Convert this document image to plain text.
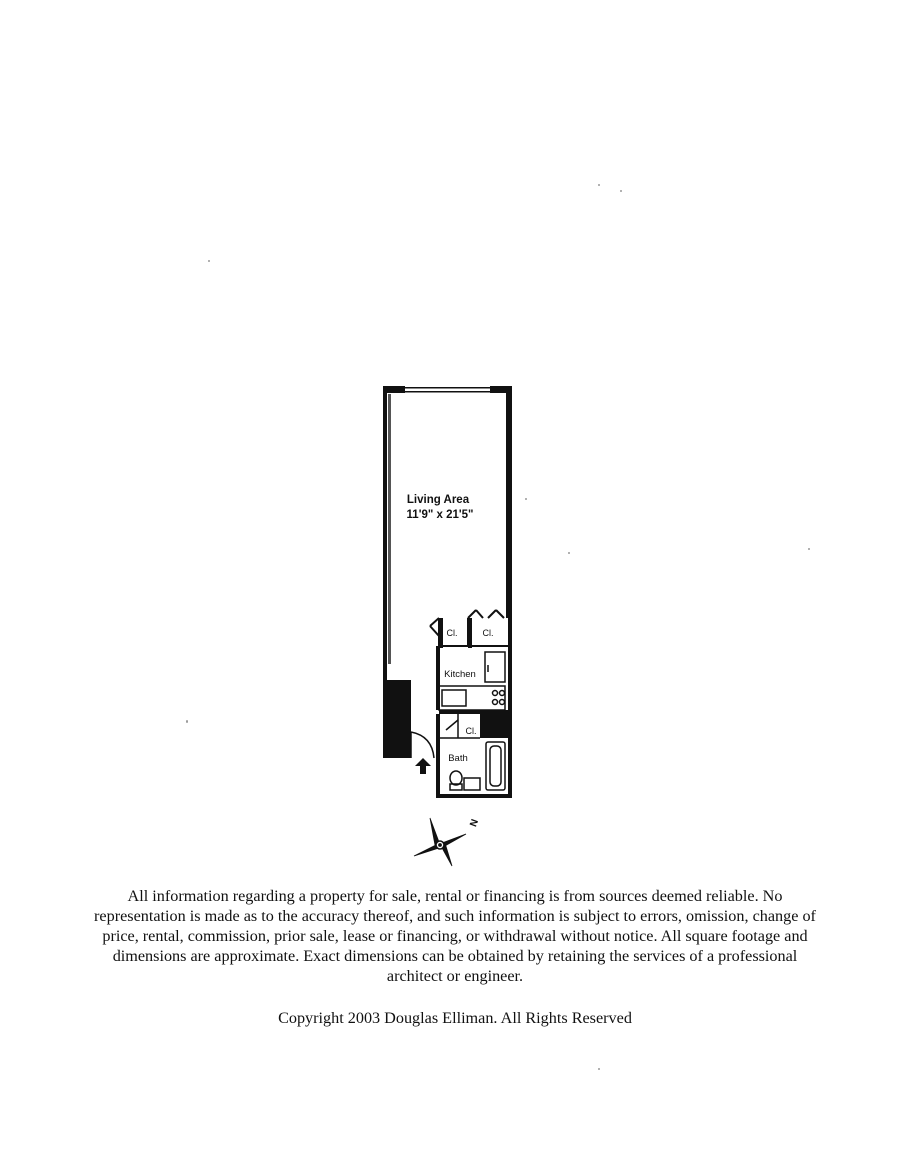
Living Area
11'9" x 21'5"
Cl.	Cl.
Kitchen
Cl.
Bath
N

All information regarding a property for sale, rental or financing is from sources deemed reliable. No representation is made as to the accuracy thereof, and such information is subject to errors, omission, change of price, rental, commission, prior sale, lease or financing, or withdrawal without notice. All square footage and dimensions are approximate. Exact dimensions can be obtained by retaining the services of a professional architect or engineer.

Copyright 2003 Douglas Elliman. All Rights Reserved
